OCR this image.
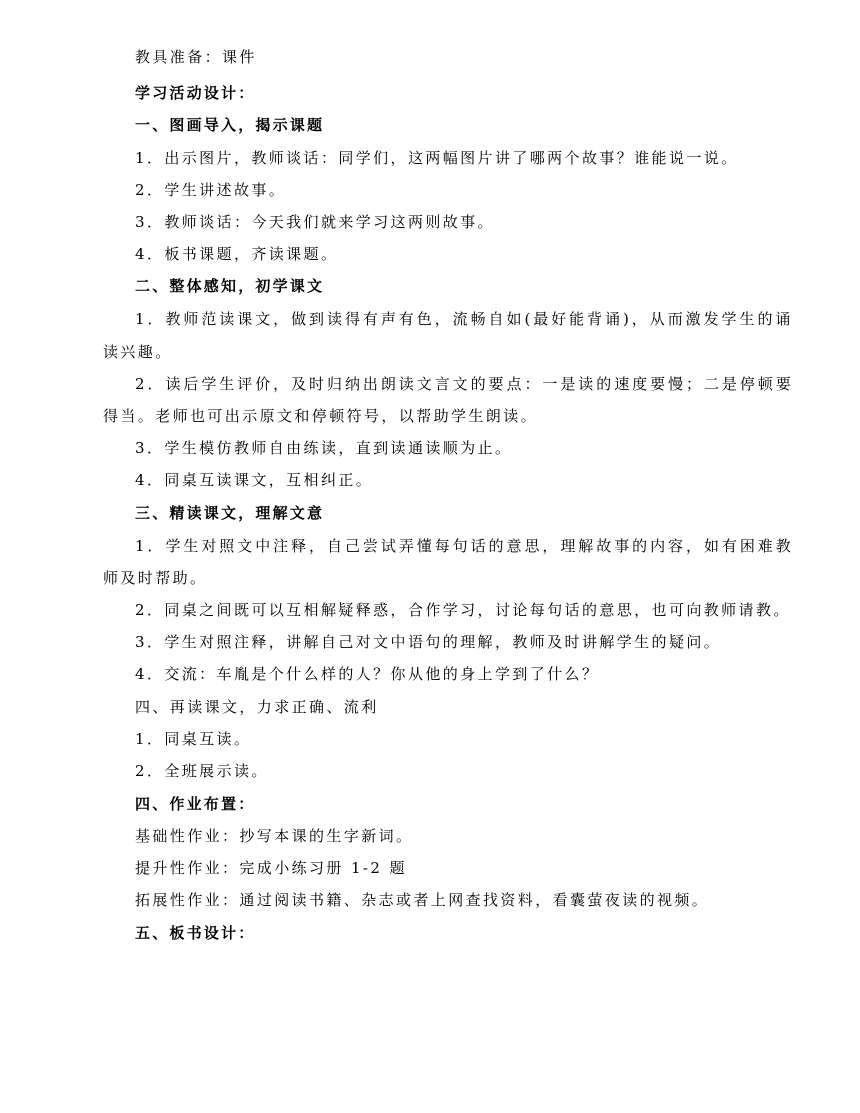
教具准备：课件
学习活动设计：
一、图画导入，揭示课题
1．出示图片，教师谈话：同学们，这两幅图片讲了哪两个故事？谁能说一说。
2．学生讲述故事。
3．教师谈话：今天我们就来学习这两则故事。
4．板书课题，齐读课题。
二、整体感知，初学课文
1．教师范读课文，做到读得有声有色，流畅自如(最好能背诵)，从而激发学生的诵
读兴趣。
2．读后学生评价，及时归纳出朗读文言文的要点：一是读的速度要慢；二是停顿要
得当。老师也可出示原文和停顿符号，以帮助学生朗读。
3．学生模仿教师自由练读，直到读通读顺为止。
4．同桌互读课文，互相纠正。
三、精读课文，理解文意
1．学生对照文中注释，自己尝试弄懂每句话的意思，理解故事的内容，如有困难教
师及时帮助。
2．同桌之间既可以互相解疑释惑，合作学习，讨论每句话的意思，也可向教师请教。
3．学生对照注释，讲解自己对文中语句的理解，教师及时讲解学生的疑问。
4．交流：车胤是个什么样的人？你从他的身上学到了什么？
四、再读课文，力求正确、流利
1．同桌互读。
2．全班展示读。
四、作业布置：
基础性作业：抄写本课的生字新词。
提升性作业：完成小练习册 1-2 题
拓展性作业：通过阅读书籍、杂志或者上网查找资料，看囊萤夜读的视频。
五、板书设计：
